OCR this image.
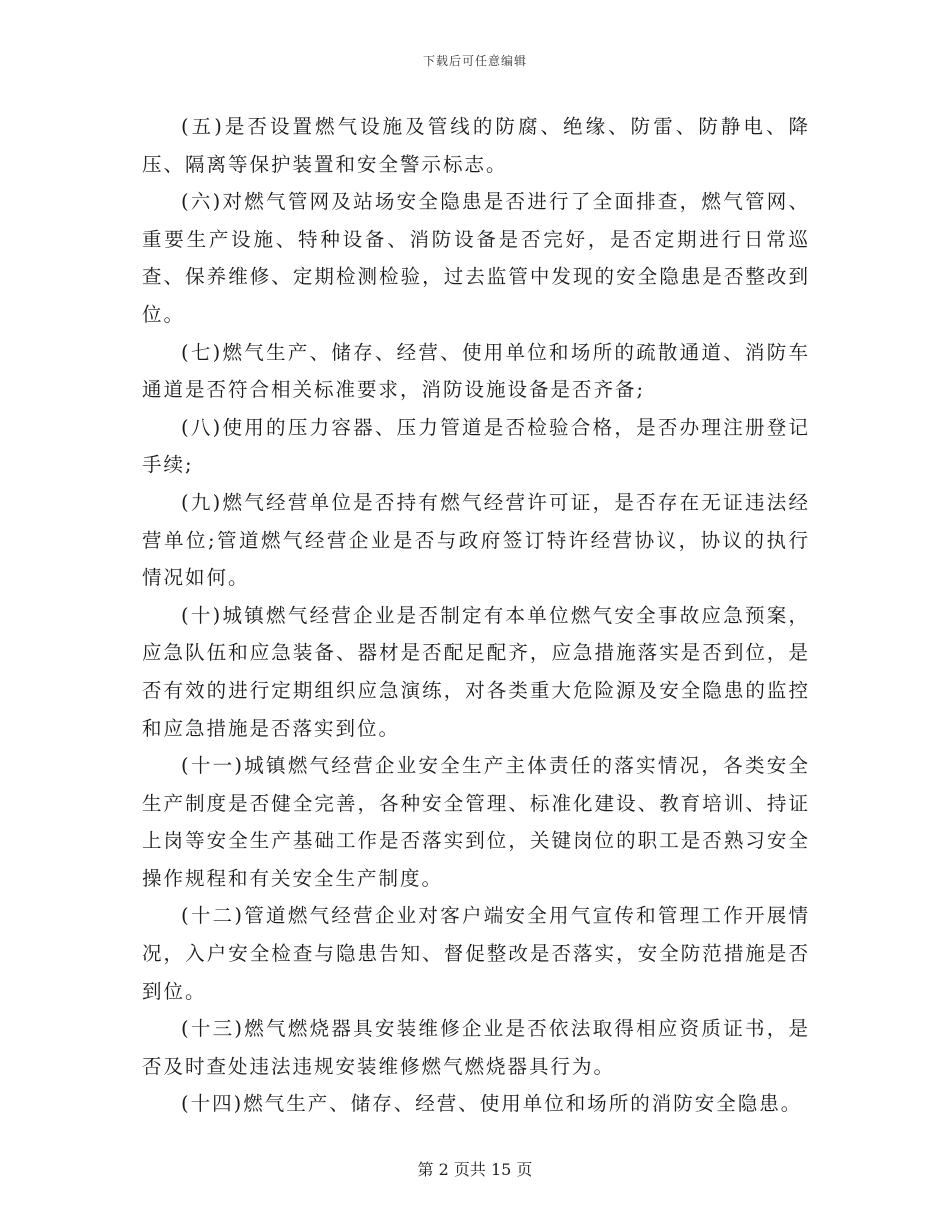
下载后可任意编辑

(五)是否设置燃气设施及管线的防腐、绝缘、防雷、防静电、降压、隔离等保护装置和安全警示标志。

(六)对燃气管网及站场安全隐患是否进行了全面排查，燃气管网、重要生产设施、特种设备、消防设备是否完好，是否定期进行日常巡查、保养维修、定期检测检验，过去监管中发现的安全隐患是否整改到位。

(七)燃气生产、储存、经营、使用单位和场所的疏散通道、消防车通道是否符合相关标准要求，消防设施设备是否齐备;

(八)使用的压力容器、压力管道是否检验合格，是否办理注册登记手续;

(九)燃气经营单位是否持有燃气经营许可证，是否存在无证违法经营单位;管道燃气经营企业是否与政府签订特许经营协议，协议的执行情况如何。

(十)城镇燃气经营企业是否制定有本单位燃气安全事故应急预案，应急队伍和应急装备、器材是否配足配齐，应急措施落实是否到位，是否有效的进行定期组织应急演练，对各类重大危险源及安全隐患的监控和应急措施是否落实到位。

(十一)城镇燃气经营企业安全生产主体责任的落实情况，各类安全生产制度是否健全完善，各种安全管理、标准化建设、教育培训、持证上岗等安全生产基础工作是否落实到位，关键岗位的职工是否熟习安全操作规程和有关安全生产制度。

(十二)管道燃气经营企业对客户端安全用气宣传和管理工作开展情况，入户安全检查与隐患告知、督促整改是否落实，安全防范措施是否到位。

(十三)燃气燃烧器具安装维修企业是否依法取得相应资质证书，是否及时查处违法违规安装维修燃气燃烧器具行为。

(十四)燃气生产、储存、经营、使用单位和场所的消防安全隐患。

第 2 页共 15 页
